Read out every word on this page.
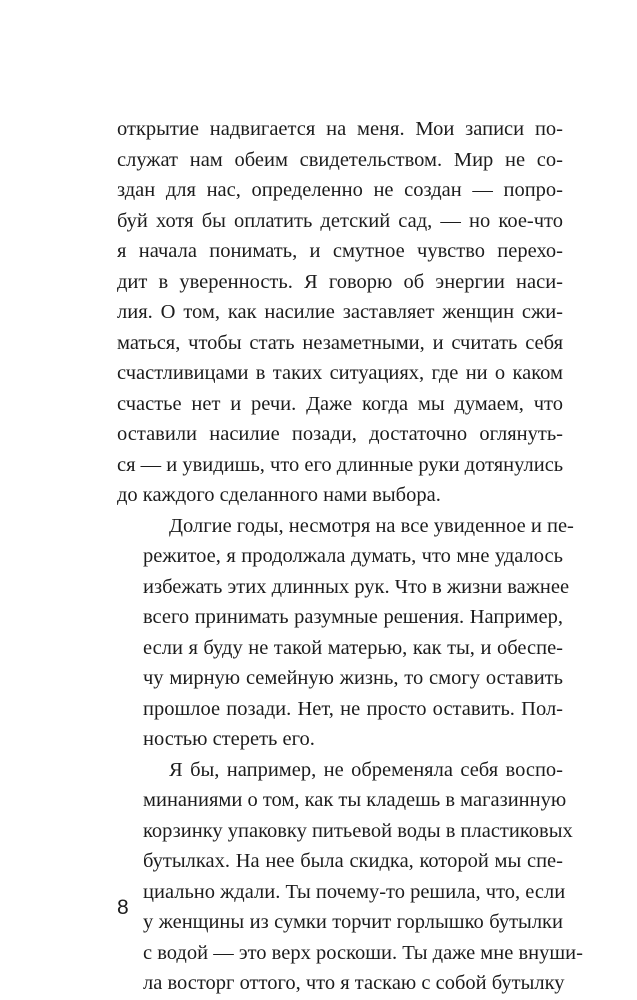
открытие надвигается на меня. Мои записи по-
служат нам обеим свидетельством. Мир не со-
здан для нас, определенно не создан — попро-
буй хотя бы оплатить детский сад, — но кое-что
я начала понимать, и смутное чувство перехо-
дит в уверенность. Я говорю об энергии наси-
лия. О том, как насилие заставляет женщин сжи-
маться, чтобы стать незаметными, и считать себя
счастливицами в таких ситуациях, где ни о каком
счастье нет и речи. Даже когда мы думаем, что
оставили насилие позади, достаточно оглянуть-
ся — и увидишь, что его длинные руки дотянулись
до каждого сделанного нами выбора.
Долгие годы, несмотря на все увиденное и пе-
режитое, я продолжала думать, что мне удалось
избежать этих длинных рук. Что в жизни важнее
всего принимать разумные решения. Например,
если я буду не такой матерью, как ты, и обеспе-
чу мирную семейную жизнь, то смогу оставить
прошлое позади. Нет, не просто оставить. Пол-
ностью стереть его.
Я бы, например, не обременяла себя воспо-
минаниями о том, как ты кладешь в магазинную
корзинку упаковку питьевой воды в пластиковых
бутылках. На нее была скидка, которой мы спе-
циально ждали. Ты почему-то решила, что, если
у женщины из сумки торчит горлышко бутылки
с водой — это верх роскоши. Ты даже мне внуши-
ла восторг оттого, что я таскаю с собой бутылку
8
